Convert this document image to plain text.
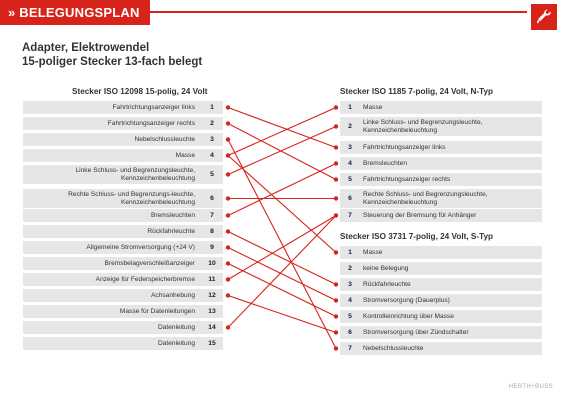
» BELEGUNGSPLAN
Adapter, Elektrowendel
15-poliger Stecker 13-fach belegt
Stecker ISO 12098 15-polig, 24 Volt	Stecker ISO 1185 7-polig, 24 Volt, N-Typ
Stecker ISO 3731 7-polig, 24 Volt, S-Typ
Fahrtrichtungsanzeiger links	1
Fahrtrichtungsanzeiger rechts	2
Nebelschlussleuchte	3
Masse	4
Linke Schluss- und Begrenzungsleuchte, Kennzeichenbeleuchtung	5
Rechte Schluss- und Begrenzungs-leuchte, Kennzeichenbeleuchtung	6
Bremsleuchten	7
Rückfahrleuchte	8
Allgemeine Stromversorgung (+24 V)	9
Bremsbelagverschleißanzeiger	10
Anzeige für Federspeicherbremse	11
Achsanhebung	12
Masse für Datenleitungen	13
Datenleitung	14
Datenleitung	15
1	Masse
2
Linke Schluss- und Begrenzungsleuchte, Kennzeichenbeleuchtung
3	Fahrtrichtungsanzeiger links
4	Bremsleuchten
5	Fahrtrichtungsanzeiger rechts
6
Rechte Schluss- und Begrenzungsleuchte, Kennzeichenbeleuchtung
7	Steuerung der Bremsung für Anhänger
1	Masse
2	keine Belegung
3	Rückfahrleuchte
4	Stromversorgung (Dauerplus)
5	Kontrolleinrichtung über Masse
6	Stromversorgung über Zündschalter
7	Nebelschlussleuchte
HERTH+BUSS
